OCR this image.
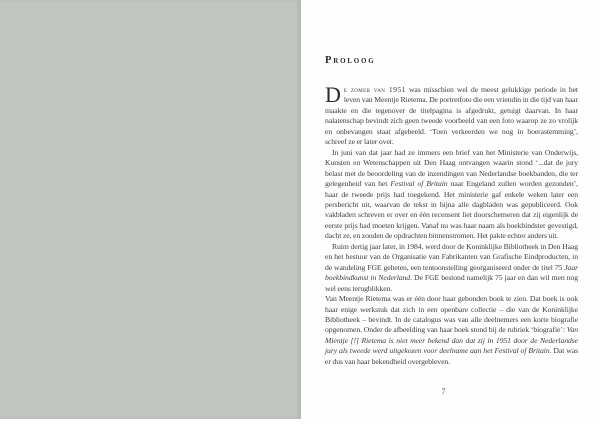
Proloog

De zomer van 1951 was misschien wel de meest gelukkige periode in het leven van Meentje Rietema. De portretfoto die een vriendin in die tijd van haar maakte en die tegenover de titelpagina is afgedrukt, getuigt daarvan. In haar nalatenschap bevindt zich geen tweede voorbeeld van een foto waarop ze zo vrolijk en onbevangen staat afgebeeld. ‘Toen verkeerden we nog in hoerastemming’, schreef ze er later over.

In juni van dat jaar had ze immers een brief van het Ministerie van Onderwijs, Kunsten en Wetenschappen uit Den Haag ontvangen waarin stond ‘...dat de jury belast met de beoordeling van de inzendingen van Nederlandse boekbanden, die ter gelegenheid van het Festival of Britain naar Engeland zullen worden gezonden’, haar de tweede prijs had toegekend. Het ministerie gaf enkele weken later een persbericht uit, waarvan de tekst in bijna alle dagbladen was gepubliceerd. Ook vakbladen schreven er over en één recensent liet doorschemeren dat zij eigenlijk de eerste prijs had moeten krijgen. Vanaf nu was haar naam als boekbindster gevestigd, dacht ze, en zouden de opdrachten binnenstromen. Het pakte echter anders uit.

Ruim dertig jaar later, in 1984, werd door de Koninklijke Bibliotheek in Den Haag en het bestuur van de Organisatie van Fabrikanten van Grafische Eindproducten, in de wandeling FGE geheten, een tentoonstelling georganiseerd onder de titel 75 Jaar boekbindkunst in Nederland. De FGE bestond namelijk 75 jaar en dan wil men nog wel eens terugblikken.

Van Meentje Rietema was er één door haar gebonden boek te zien. Dat boek is ook haar enige werkstuk dat zich in een openbare collectie – die van de Koninklijke Bibliotheek – bevindt. In de catalogus was van alle deelnemers een korte biografie opgenomen. Onder de afbeelding van haar boek stond bij de rubriek ‘biografie’: Van Mientje [!] Rietema is niet meer bekend dan dat zij in 1951 door de Nederlandse jury als tweede werd uitgekozen voor deelname aan het Festival of Britain. Dat was er dus van haar bekendheid overgebleven.

7
